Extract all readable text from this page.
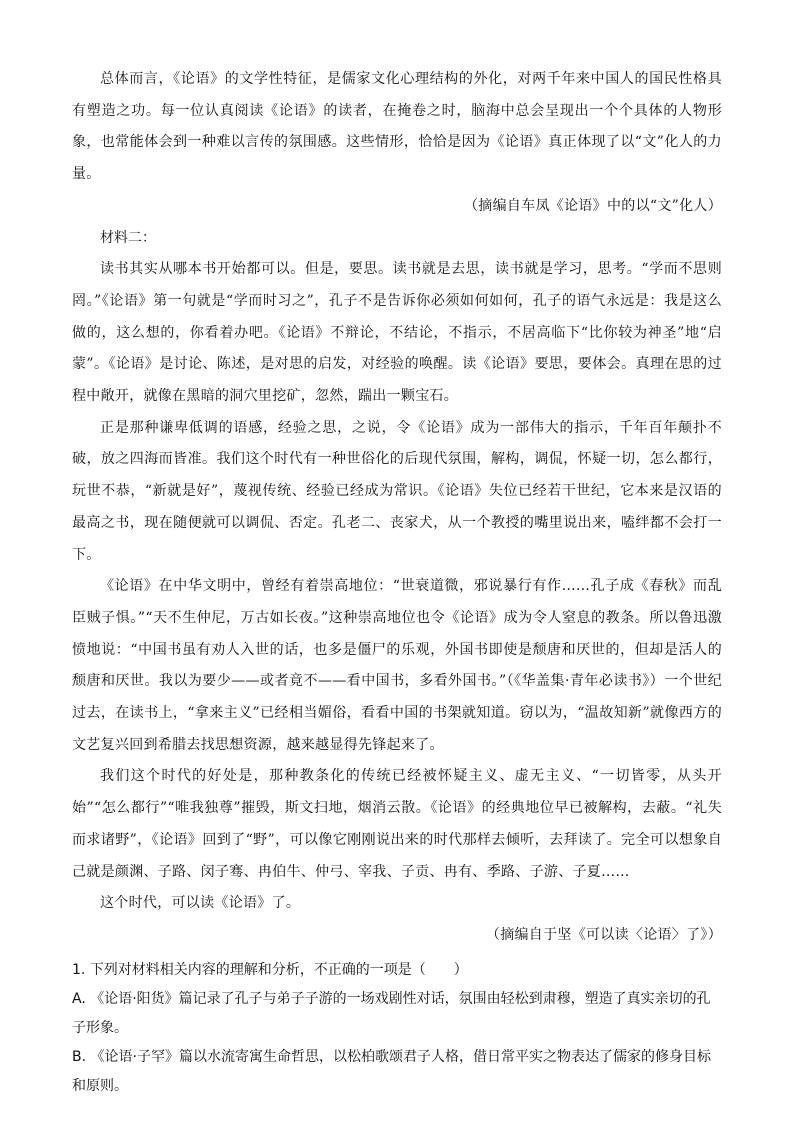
总体而言，《论语》的文学性特征，是儒家文化心理结构的外化，对两千年来中国人的国民性格具有塑造之功。每一位认真阅读《论语》的读者，在掩卷之时，脑海中总会呈现出一个个具体的人物形象，也常能体会到一种难以言传的氛围感。这些情形，恰恰是因为《论语》真正体现了以“文”化人的力量。

（摘编自车凤《论语》中的以“文”化人）

材料二：

读书其实从哪本书开始都可以。但是，要思。读书就是去思，读书就是学习，思考。“学而不思则罔。”《论语》第一句就是“学而时习之”，孔子不是告诉你必须如何如何，孔子的语气永远是：我是这么做的，这么想的，你看着办吧。《论语》不辩论，不结论，不指示，不居高临下“比你较为神圣”地“启蒙”。《论语》是讨论、陈述，是对思的启发，对经验的唤醒。读《论语》要思，要体会。真理在思的过程中敞开，就像在黑暗的洞穴里挖矿，忽然，踹出一颗宝石。

正是那种谦卑低调的语感，经验之思，之说，令《论语》成为一部伟大的指示，千年百年颠扑不破，放之四海而皆准。我们这个时代有一种世俗化的后现代氛围，解构，调侃，怀疑一切，怎么都行，玩世不恭，“新就是好”，蔑视传统、经验已经成为常识。《论语》失位已经若干世纪，它本来是汉语的最高之书，现在随便就可以调侃、否定。孔老二、丧家犬，从一个教授的嘴里说出来，嗑绊都不会打一下。

《论语》在中华文明中，曾经有着崇高地位：“世衰道微，邪说暴行有作……孔子成《春秋》而乱臣贼子惧。”“天不生仲尼，万古如长夜。”这种崇高地位也令《论语》成为令人窒息的教条。所以鲁迅激愤地说：“中国书虽有劝人入世的话，也多是僵尸的乐观，外国书即使是颓唐和厌世的，但却是活人的颓唐和厌世。我以为要少——或者竟不——看中国书，多看外国书。”（《华盖集·青年必读书》）一个世纪过去，在读书上，“拿来主义”已经相当媚俗，看看中国的书架就知道。窃以为，“温故知新”就像西方的文艺复兴回到希腊去找思想资源，越来越显得先锋起来了。

我们这个时代的好处是，那种教条化的传统已经被怀疑主义、虚无主义、“一切皆零，从头开始”“怎么都行”“唯我独尊”摧毁，斯文扫地，烟消云散。《论语》的经典地位早已被解构，去蔽。“礼失而求诸野”，《论语》回到了“野”，可以像它刚刚说出来的时代那样去倾听，去拜读了。完全可以想象自己就是颜渊、子路、闵子骞、冉伯牛、仲弓、宰我、子贡、冉有、季路、子游、子夏……

这个时代，可以读《论语》了。

（摘编自于坚《可以读〈论语〉了》）

1. 下列对材料相关内容的理解和分析，不正确的一项是（　　）

A. 《论语·阳货》篇记录了孔子与弟子子游的一场戏剧性对话，氛围由轻松到肃穆，塑造了真实亲切的孔子形象。

B. 《论语·子罕》篇以水流寄寓生命哲思，以松柏歌颂君子人格，借日常平实之物表达了儒家的修身目标和原则。
